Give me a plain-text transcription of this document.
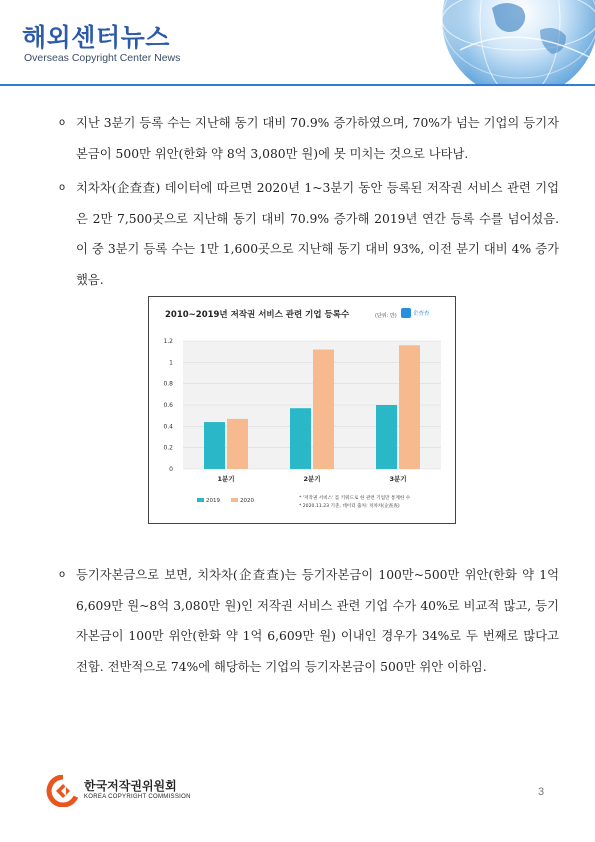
해외센터뉴스
Overseas Copyright Center News
o 지난 3분기 등록 수는 지난해 동기 대비 70.9% 증가하였으며, 70%가 넘는 기업의 등기자본금이 500만 위안(한화 약 8억 3,080만 원)에 못 미치는 것으로 나타남.
o 치차차(企查查) 데이터에 따르면 2020년 1~3분기 동안 등록된 저작권 서비스 관련 기업은 2만 7,500곳으로 지난해 동기 대비 70.9% 증가해 2019년 연간 등록 수를 넘어섰음. 이 중 3분기 등록 수는 1만 1,600곳으로 지난해 동기 대비 93%, 이전 분기 대비 4% 증가했음.
2010~2019년 저작권 서비스 관련 기업 등록수	(단위: 만)	企查查
0
0.2
0.4
0.6
0.8
1
1.2
1분기	2분기	3분기
2019	2020	* '저작권 서비스' 를 키워드로 한 관련 기업만 통계한 수
* 2020.11.23 기준, 데이터 출처: 치차차(企查查)
o 등기자본금으로 보면, 치차차(企查查)는 등기자본금이 100만~500만 위안(한화 약 1억 6,609만 원~8억 3,080만 원)인 저작권 서비스 관련 기업 수가 40%로 비교적 많고, 등기자본금이 100만 위안(한화 약 1억 6,609만 원) 이내인 경우가 34%로 두 번째로 많다고 전함. 전반적으로 74%에 해당하는 기업의 등기자본금이 500만 위안 이하임.
한국저작권위원회
KOREA COPYRIGHT COMMISSION	3
